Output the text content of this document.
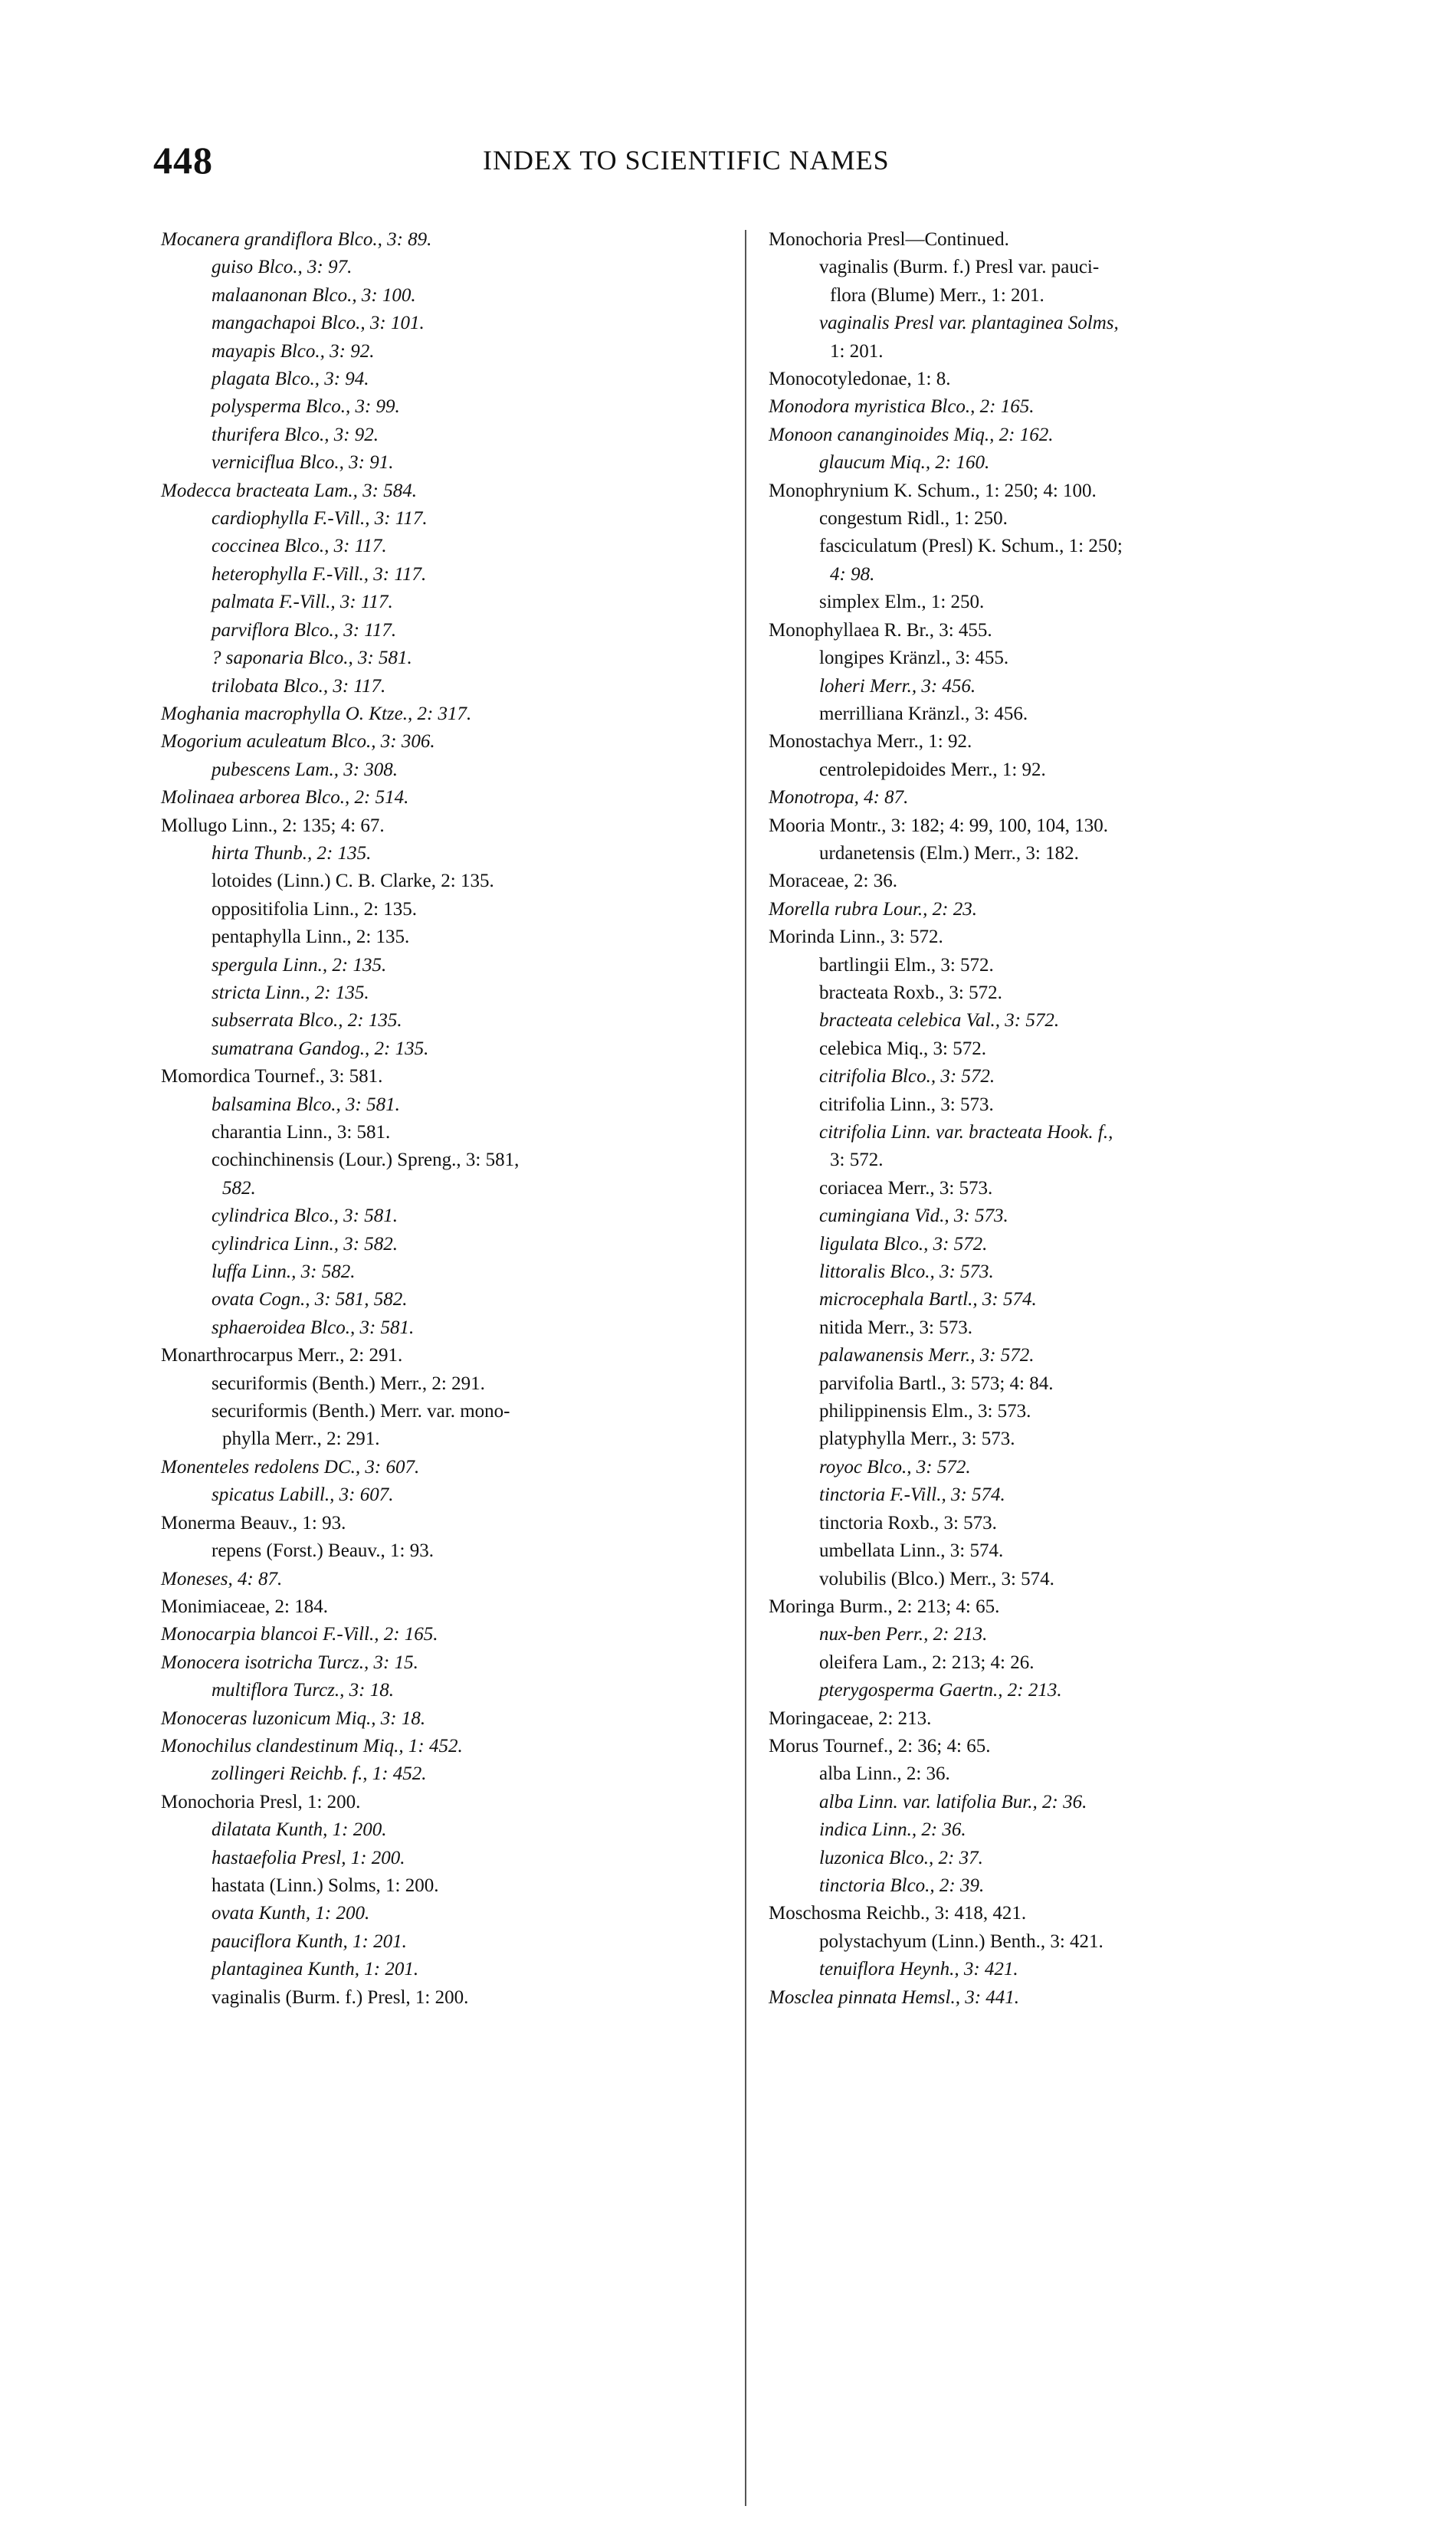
448	INDEX TO SCIENTIFIC NAMES

Mocanera grandiflora Blco., 3: 89.

guiso Blco., 3: 97.

malaanonan Blco., 3: 100.

mangachapoi Blco., 3: 101.

mayapis Blco., 3: 92.

plagata Blco., 3: 94.

polysperma Blco., 3: 99.

thurifera Blco., 3: 92.

verniciflua Blco., 3: 91.

Modecca bracteata Lam., 3: 584.

cardiophylla F.-Vill., 3: 117.

coccinea Blco., 3: 117.

heterophylla F.-Vill., 3: 117.

palmata F.-Vill., 3: 117.

parviflora Blco., 3: 117.

? saponaria Blco., 3: 581.

trilobata Blco., 3: 117.

Moghania macrophylla O. Ktze., 2: 317.

Mogorium aculeatum Blco., 3: 306.

pubescens Lam., 3: 308.

Molinaea arborea Blco., 2: 514.

Mollugo Linn., 2: 135; 4: 67.

hirta Thunb., 2: 135.

lotoides (Linn.) C. B. Clarke, 2: 135.

oppositifolia Linn., 2: 135.

pentaphylla Linn., 2: 135.

spergula Linn., 2: 135.

stricta Linn., 2: 135.

subserrata Blco., 2: 135.

sumatrana Gandog., 2: 135.

Momordica Tournef., 3: 581.

balsamina Blco., 3: 581.

charantia Linn., 3: 581.

cochinchinensis (Lour.) Spreng., 3: 581,

582.

cylindrica Blco., 3: 581.

cylindrica Linn., 3: 582.

luffa Linn., 3: 582.

ovata Cogn., 3: 581, 582.

sphaeroidea Blco., 3: 581.

Monarthrocarpus Merr., 2: 291.

securiformis (Benth.) Merr., 2: 291.

securiformis (Benth.) Merr. var. mono-

phylla Merr., 2: 291.

Monenteles redolens DC., 3: 607.

spicatus Labill., 3: 607.

Monerma Beauv., 1: 93.

repens (Forst.) Beauv., 1: 93.

Moneses, 4: 87.

Monimiaceae, 2: 184.

Monocarpia blancoi F.-Vill., 2: 165.

Monocera isotricha Turcz., 3: 15.

multiflora Turcz., 3: 18.

Monoceras luzonicum Miq., 3: 18.

Monochilus clandestinum Miq., 1: 452.

zollingeri Reichb. f., 1: 452.

Monochoria Presl, 1: 200.

dilatata Kunth, 1: 200.

hastaefolia Presl, 1: 200.

hastata (Linn.) Solms, 1: 200.

ovata Kunth, 1: 200.

pauciflora Kunth, 1: 201.

plantaginea Kunth, 1: 201.

vaginalis (Burm. f.) Presl, 1: 200.

Monochoria Presl—Continued.

vaginalis (Burm. f.) Presl var. pauci-

flora (Blume) Merr., 1: 201.

vaginalis Presl var. plantaginea Solms,

1: 201.

Monocotyledonae, 1: 8.

Monodora myristica Blco., 2: 165.

Monoon cananginoides Miq., 2: 162.

glaucum Miq., 2: 160.

Monophrynium K. Schum., 1: 250; 4: 100.

congestum Ridl., 1: 250.

fasciculatum (Presl) K. Schum., 1: 250;

4: 98.

simplex Elm., 1: 250.

Monophyllaea R. Br., 3: 455.

longipes Kränzl., 3: 455.

loheri Merr., 3: 456.

merrilliana Kränzl., 3: 456.

Monostachya Merr., 1: 92.

centrolepidoides Merr., 1: 92.

Monotropa, 4: 87.

Mooria Montr., 3: 182; 4: 99, 100, 104, 130.

urdanetensis (Elm.) Merr., 3: 182.

Moraceae, 2: 36.

Morella rubra Lour., 2: 23.

Morinda Linn., 3: 572.

bartlingii Elm., 3: 572.

bracteata Roxb., 3: 572.

bracteata celebica Val., 3: 572.

celebica Miq., 3: 572.

citrifolia Blco., 3: 572.

citrifolia Linn., 3: 573.

citrifolia Linn. var. bracteata Hook. f.,

3: 572.

coriacea Merr., 3: 573.

cumingiana Vid., 3: 573.

ligulata Blco., 3: 572.

littoralis Blco., 3: 573.

microcephala Bartl., 3: 574.

nitida Merr., 3: 573.

palawanensis Merr., 3: 572.

parvifolia Bartl., 3: 573; 4: 84.

philippinensis Elm., 3: 573.

platyphylla Merr., 3: 573.

royoc Blco., 3: 572.

tinctoria F.-Vill., 3: 574.

tinctoria Roxb., 3: 573.

umbellata Linn., 3: 574.

volubilis (Blco.) Merr., 3: 574.

Moringa Burm., 2: 213; 4: 65.

nux-ben Perr., 2: 213.

oleifera Lam., 2: 213; 4: 26.

pterygosperma Gaertn., 2: 213.

Moringaceae, 2: 213.

Morus Tournef., 2: 36; 4: 65.

alba Linn., 2: 36.

alba Linn. var. latifolia Bur., 2: 36.

indica Linn., 2: 36.

luzonica Blco., 2: 37.

tinctoria Blco., 2: 39.

Moschosma Reichb., 3: 418, 421.

polystachyum (Linn.) Benth., 3: 421.

tenuiflora Heynh., 3: 421.

Mosclea pinnata Hemsl., 3: 441.
